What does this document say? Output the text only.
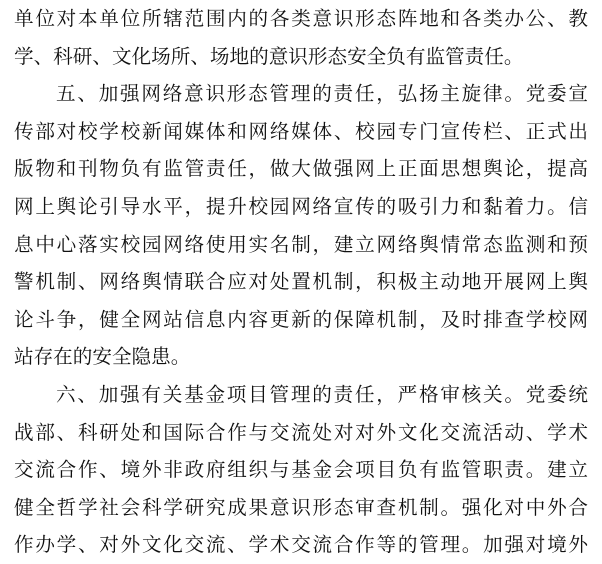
单位对本单位所辖范围内的各类意识形态阵地和各类办公、教
学、科研、文化场所、场地的意识形态安全负有监管责任。
五、加强网络意识形态管理的责任，弘扬主旋律。党委宣
传部对校学校新闻媒体和网络媒体、校园专门宣传栏、正式出
版物和刊物负有监管责任，做大做强网上正面思想舆论，提高
网上舆论引导水平，提升校园网络宣传的吸引力和黏着力。信
息中心落实校园网络使用实名制，建立网络舆情常态监测和预
警机制、网络舆情联合应对处置机制，积极主动地开展网上舆
论斗争，健全网站信息内容更新的保障机制，及时排查学校网
站存在的安全隐患。
六、加强有关基金项目管理的责任，严格审核关。党委统
战部、科研处和国际合作与交流处对对外文化交流活动、学术
交流合作、境外非政府组织与基金会项目负有监管职责。建立
健全哲学社会科学研究成果意识形态审查机制。强化对中外合
作办学、对外文化交流、学术交流合作等的管理。加强对境外
